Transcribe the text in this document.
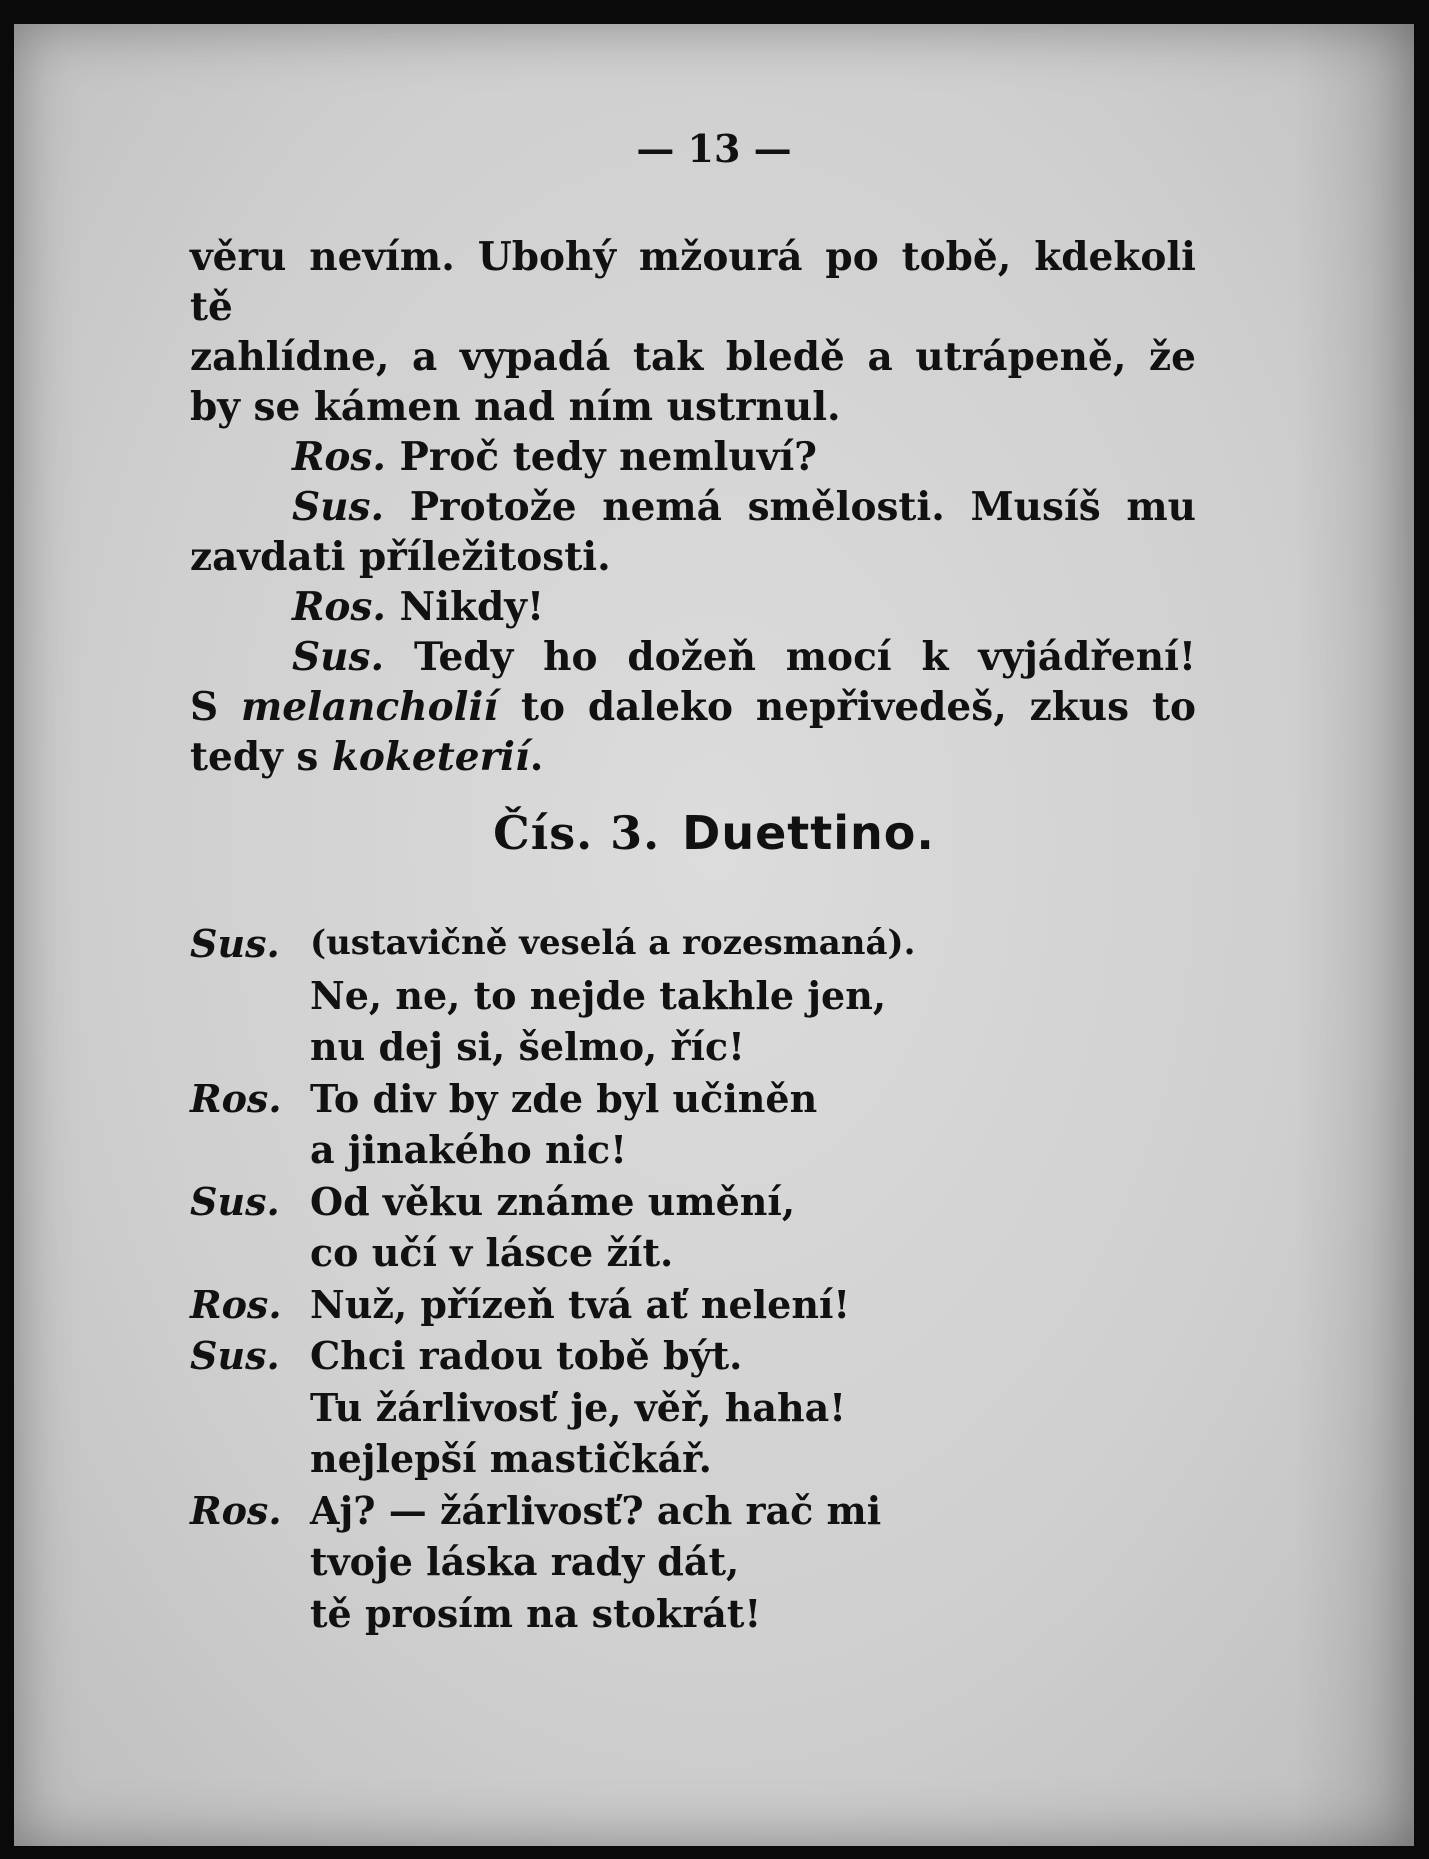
— 13 —

věru nevím. Ubohý mžourá po tobě, kdekoli tě

zahlídne, a vypadá tak bledě a utrápeně, že

by se kámen nad ním ustrnul.

Ros. Proč tedy nemluví?

Sus. Protože nemá smělosti. Musíš mu

zavdati příležitosti.

Ros. Nikdy!

Sus. Tedy ho dožeň mocí k vyjádření!

S melancholií to daleko nepřivedeš, zkus to

tedy s koketerií.

Čís. 3. Duettino.
Sus. (ustavičně veselá a rozesmaná).
Ne, ne, to nejde takhle jen,
nu dej si, šelmo, říc!
Ros. To div by zde byl učiněn
a jinakého nic!
Sus. Od věku známe umění,
co učí v lásce žít.
Ros. Nuž, přízeň tvá ať nelení!
Sus. Chci radou tobě být.
Tu žárlivosť je, věř, haha!
nejlepší mastičkář.
Ros. Aj? — žárlivosť? ach rač mi
tvoje láska rady dát,
tě prosím na stokrát!
